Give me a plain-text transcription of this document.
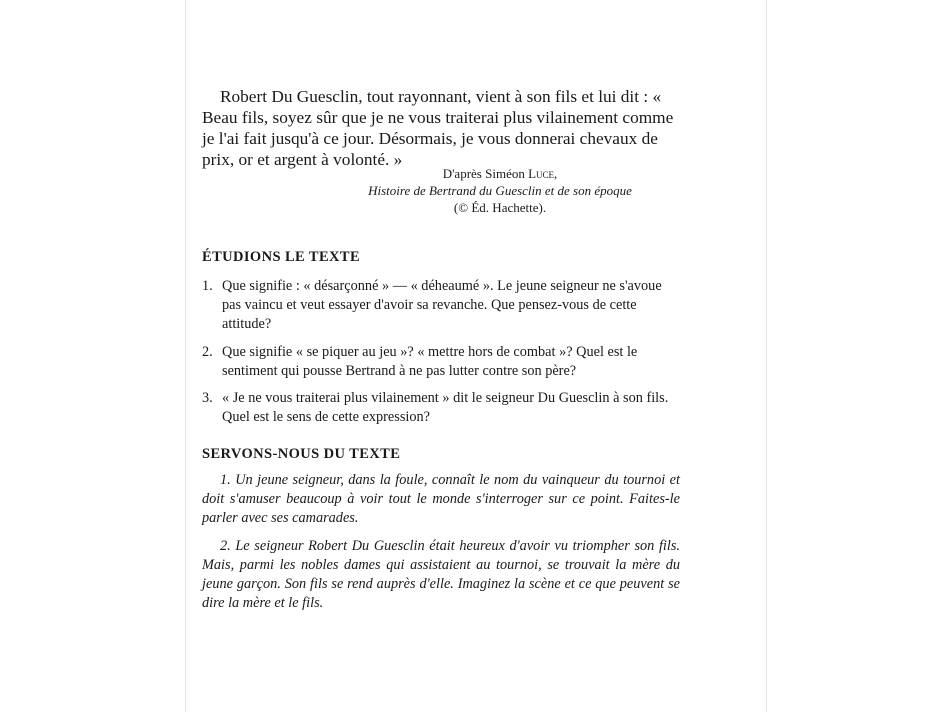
Robert Du Guesclin, tout rayonnant, vient à son fils et lui dit : « Beau fils, soyez sûr que je ne vous traiterai plus vilainement comme je l'ai fait jusqu'à ce jour. Désormais, je vous donnerai chevaux de prix, or et argent à volonté. »

D'après Siméon Luce,
Histoire de Bertrand du Guesclin et de son époque
(© Éd. Hachette).
ÉTUDIONS LE TEXTE
1. Que signifie : « désarçonné » — « déheaumé ». Le jeune seigneur ne s'avoue pas vaincu et veut essayer d'avoir sa revanche. Que pensez-vous de cette attitude?
2. Que signifie « se piquer au jeu »? « mettre hors de combat »? Quel est le sentiment qui pousse Bertrand à ne pas lutter contre son père?
3. « Je ne vous traiterai plus vilainement » dit le seigneur Du Guesclin à son fils. Quel est le sens de cette expression?
SERVONS-NOUS DU TEXTE

1. Un jeune seigneur, dans la foule, connaît le nom du vainqueur du tournoi et doit s'amuser beaucoup à voir tout le monde s'interroger sur ce point. Faites-le parler avec ses camarades.

2. Le seigneur Robert Du Guesclin était heureux d'avoir vu triompher son fils. Mais, parmi les nobles dames qui assistaient au tournoi, se trouvait la mère du jeune garçon. Son fils se rend auprès d'elle. Imaginez la scène et ce que peuvent se dire la mère et le fils.
